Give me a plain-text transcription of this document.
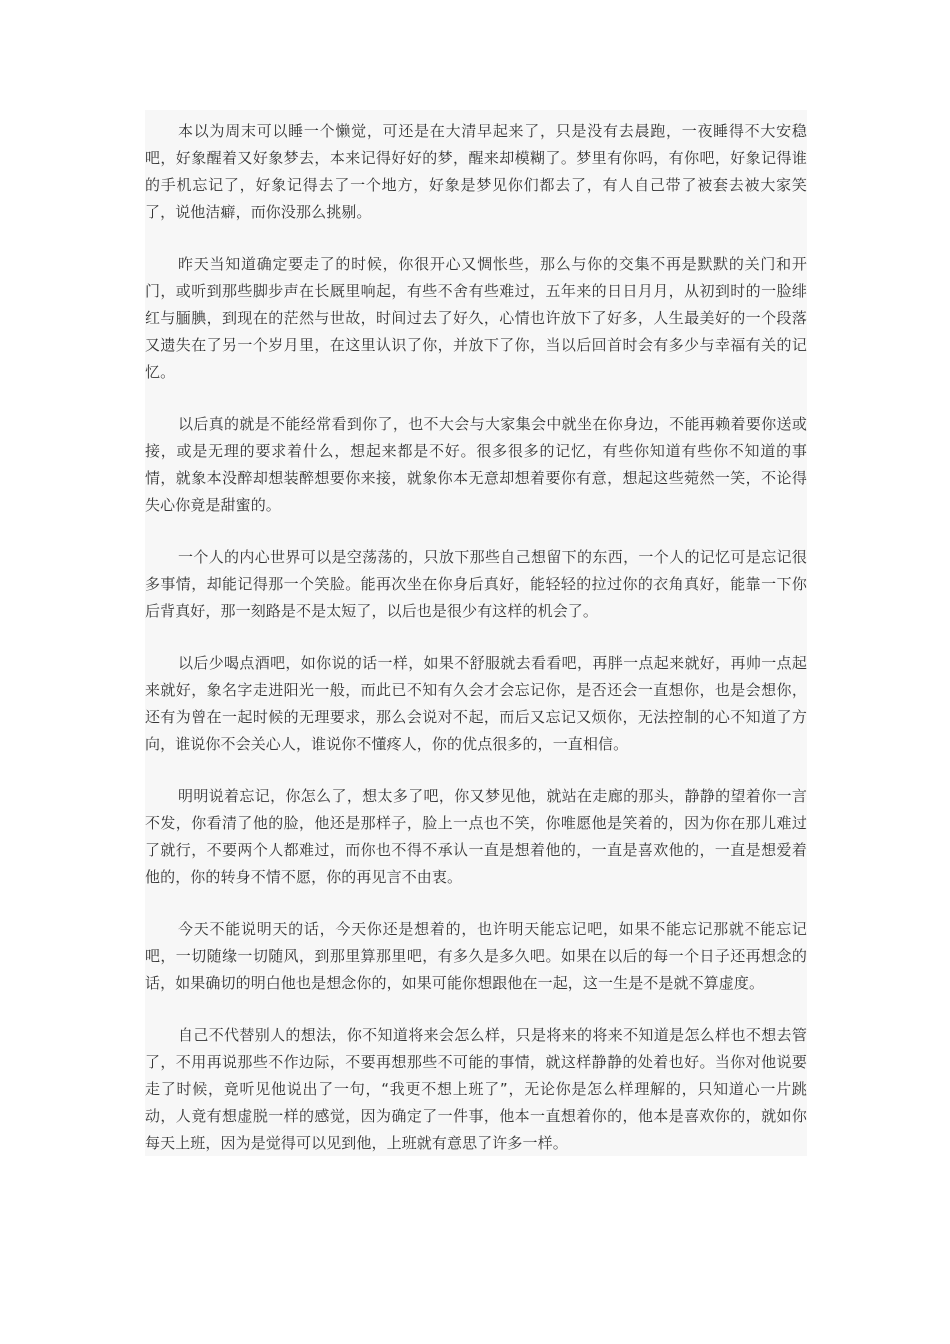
本以为周末可以睡一个懒觉，可还是在大清早起来了，只是没有去晨跑，一夜睡得不大安稳吧，好象醒着又好象梦去，本来记得好好的梦，醒来却模糊了。梦里有你吗，有你吧，好象记得谁的手机忘记了，好象记得去了一个地方，好象是梦见你们都去了，有人自己带了被套去被大家笑了，说他洁癖，而你没那么挑剔。

昨天当知道确定要走了的时候，你很开心又惆怅些，那么与你的交集不再是默默的关门和开门，或听到那些脚步声在长厩里响起，有些不舍有些难过，五年来的日日月月，从初到时的一脸绯红与腼腆，到现在的茫然与世故，时间过去了好久，心情也许放下了好多，人生最美好的一个段落又遗失在了另一个岁月里，在这里认识了你，并放下了你，当以后回首时会有多少与幸福有关的记忆。

以后真的就是不能经常看到你了，也不大会与大家集会中就坐在你身边，不能再赖着要你送或接，或是无理的要求着什么，想起来都是不好。很多很多的记忆，有些你知道有些你不知道的事情，就象本没醉却想装醉想要你来接，就象你本无意却想着要你有意，想起这些菀然一笑，不论得失心你竟是甜蜜的。

一个人的内心世界可以是空荡荡的，只放下那些自己想留下的东西，一个人的记忆可是忘记很多事情，却能记得那一个笑脸。能再次坐在你身后真好，能轻轻的拉过你的衣角真好，能靠一下你后背真好，那一刻路是不是太短了，以后也是很少有这样的机会了。

以后少喝点酒吧，如你说的话一样，如果不舒服就去看看吧，再胖一点起来就好，再帅一点起来就好，象名字走进阳光一般，而此已不知有久会才会忘记你，是否还会一直想你，也是会想你，还有为曾在一起时候的无理要求，那么会说对不起，而后又忘记又烦你，无法控制的心不知道了方向，谁说你不会关心人，谁说你不懂疼人，你的优点很多的，一直相信。

明明说着忘记，你怎么了，想太多了吧，你又梦见他，就站在走廊的那头，静静的望着你一言不发，你看清了他的脸，他还是那样子，脸上一点也不笑，你唯愿他是笑着的，因为你在那儿难过了就行，不要两个人都难过，而你也不得不承认一直是想着他的，一直是喜欢他的，一直是想爱着他的，你的转身不情不愿，你的再见言不由衷。

今天不能说明天的话，今天你还是想着的，也许明天能忘记吧，如果不能忘记那就不能忘记吧，一切随缘一切随风，到那里算那里吧，有多久是多久吧。如果在以后的每一个日子还再想念的话，如果确切的明白他也是想念你的，如果可能你想跟他在一起，这一生是不是就不算虚度。

自己不代替别人的想法，你不知道将来会怎么样，只是将来的将来不知道是怎么样也不想去管了，不用再说那些不作边际，不要再想那些不可能的事情，就这样静静的处着也好。当你对他说要走了时候，竟听见他说出了一句，“我更不想上班了”，无论你是怎么样理解的，只知道心一片跳动，人竟有想虚脱一样的感觉，因为确定了一件事，他本一直想着你的，他本是喜欢你的，就如你每天上班，因为是觉得可以见到他，上班就有意思了许多一样。
